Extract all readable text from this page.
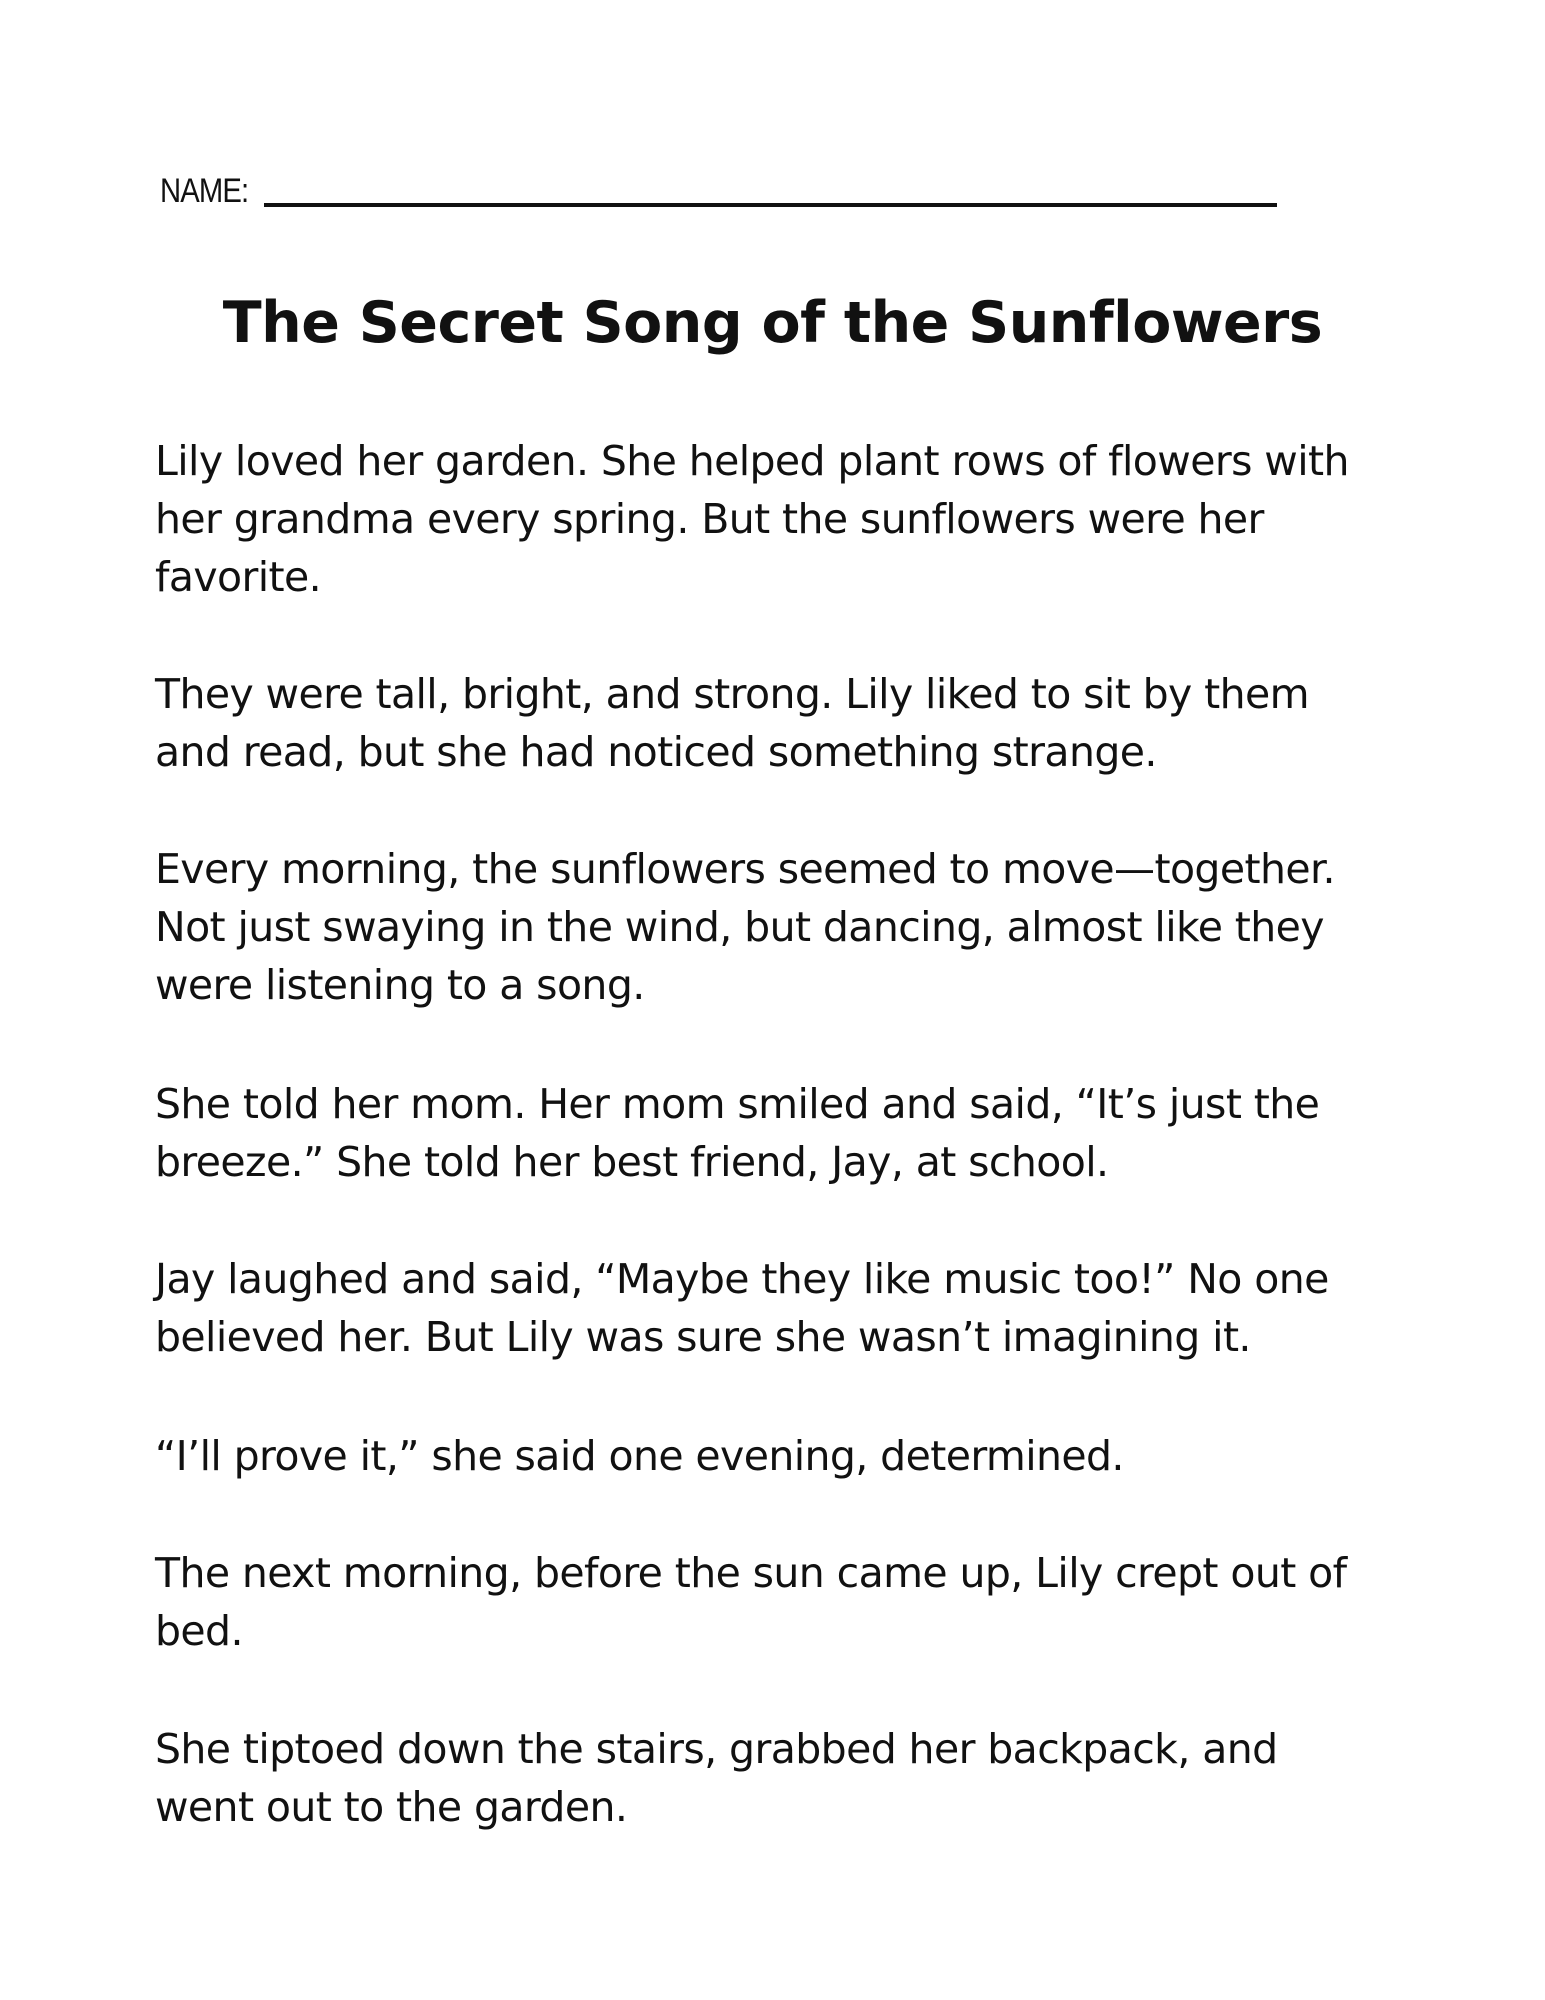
NAME:
The Secret Song of the Sunflowers
Lily loved her garden. She helped plant rows of flowers with
her grandma every spring. But the sunflowers were her
favorite.
They were tall, bright, and strong. Lily liked to sit by them
and read, but she had noticed something strange.
Every morning, the sunflowers seemed to move—together.
Not just swaying in the wind, but dancing, almost like they
were listening to a song.
She told her mom. Her mom smiled and said, “It’s just the
breeze.” She told her best friend, Jay, at school.
Jay laughed and said, “Maybe they like music too!” No one
believed her. But Lily was sure she wasn’t imagining it.
“I’ll prove it,” she said one evening, determined.
The next morning, before the sun came up, Lily crept out of
bed.
She tiptoed down the stairs, grabbed her backpack, and
went out to the garden.
